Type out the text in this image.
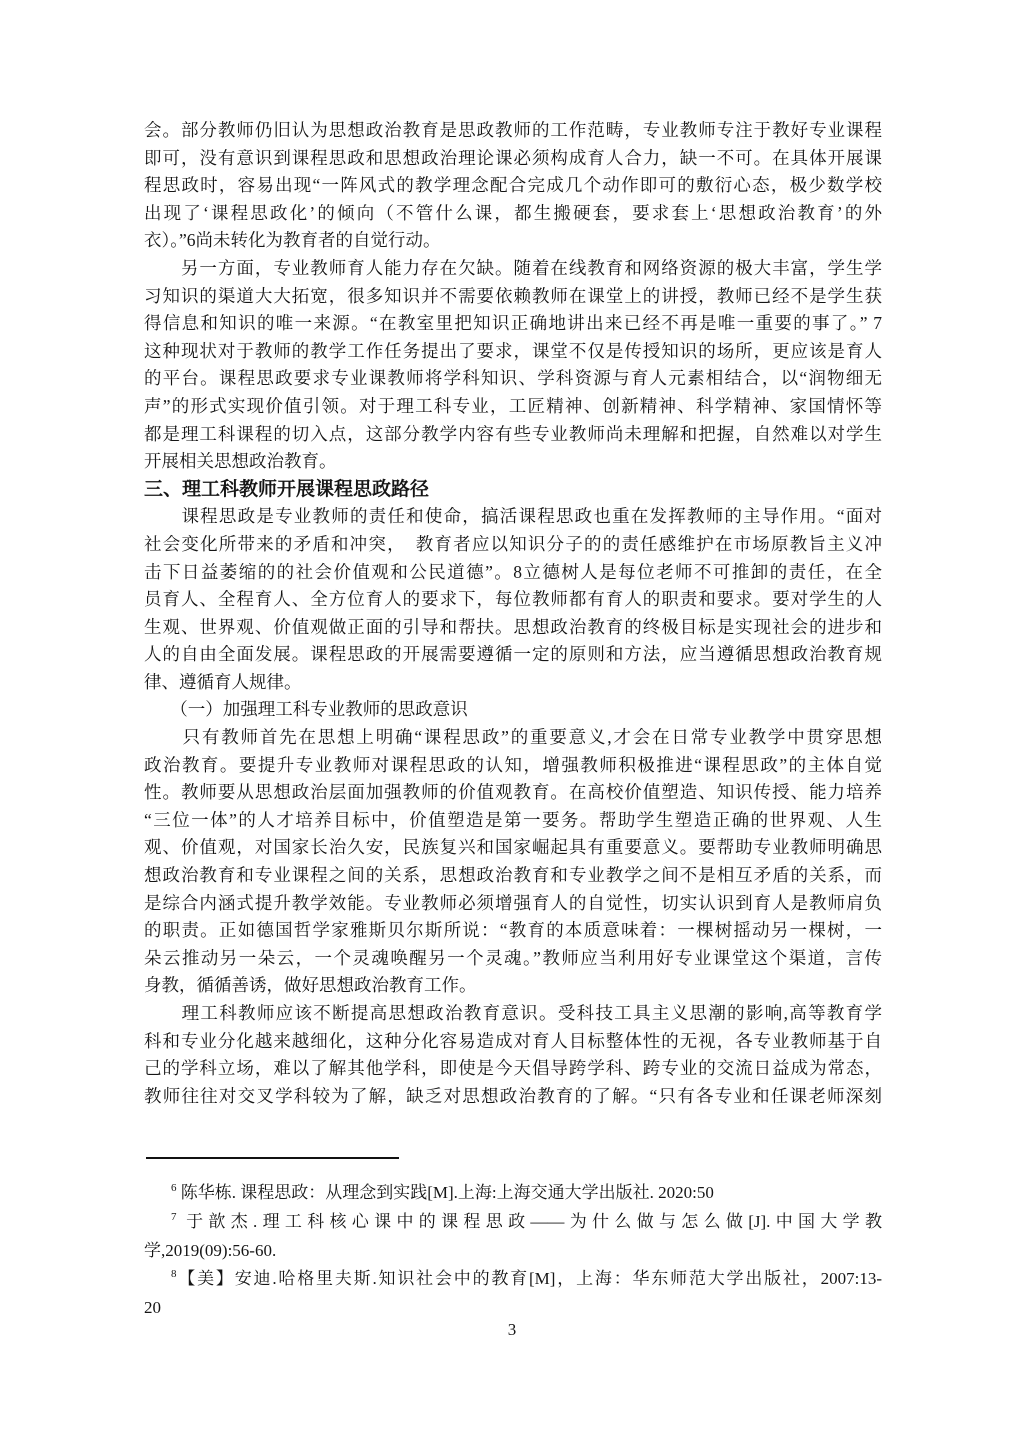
会。部分教师仍旧认为思想政治教育是思政教师的工作范畴，专业教师专注于教好专业课程
即可，没有意识到课程思政和思想政治理论课必须构成育人合力，缺一不可。在具体开展课
程思政时，容易出现“一阵风式的教学理念配合完成几个动作即可的敷衍心态，极少数学校
出现了‘课程思政化’的倾向（不管什么课，都生搬硬套，要求套上‘思想政治教育’的外
衣）。”6尚未转化为教育者的自觉行动。
　　另一方面，专业教师育人能力存在欠缺。随着在线教育和网络资源的极大丰富，学生学
习知识的渠道大大拓宽，很多知识并不需要依赖教师在课堂上的讲授，教师已经不是学生获
得信息和知识的唯一来源。“在教室里把知识正确地讲出来已经不再是唯一重要的事了。” 7
这种现状对于教师的教学工作任务提出了要求，课堂不仅是传授知识的场所，更应该是育人
的平台。课程思政要求专业课教师将学科知识、学科资源与育人元素相结合，以“润物细无
声”的形式实现价值引领。对于理工科专业，工匠精神、创新精神、科学精神、家国情怀等
都是理工科课程的切入点，这部分教学内容有些专业教师尚未理解和把握，自然难以对学生
开展相关思想政治教育。
三、理工科教师开展课程思政路径
　　课程思政是专业教师的责任和使命，搞活课程思政也重在发挥教师的主导作用。“面对
社会变化所带来的矛盾和冲突，　教育者应以知识分子的的责任感维护在市场原教旨主义冲
击下日益萎缩的的社会价值观和公民道德”。8立德树人是每位老师不可推卸的责任，在全
员育人、全程育人、全方位育人的要求下，每位教师都有育人的职责和要求。要对学生的人
生观、世界观、价值观做正面的引导和帮扶。思想政治教育的终极目标是实现社会的进步和
人的自由全面发展。课程思政的开展需要遵循一定的原则和方法，应当遵循思想政治教育规
律、遵循育人规律。
　　（一）加强理工科专业教师的思政意识
　　只有教师首先在思想上明确“课程思政”的重要意义,才会在日常专业教学中贯穿思想
政治教育。要提升专业教师对课程思政的认知，增强教师积极推进“课程思政”的主体自觉
性。教师要从思想政治层面加强教师的价值观教育。在高校价值塑造、知识传授、能力培养
“三位一体”的人才培养目标中，价值塑造是第一要务。帮助学生塑造正确的世界观、人生
观、价值观，对国家长治久安，民族复兴和国家崛起具有重要意义。要帮助专业教师明确思
想政治教育和专业课程之间的关系，思想政治教育和专业教学之间不是相互矛盾的关系，而
是综合内涵式提升教学效能。专业教师必须增强育人的自觉性，切实认识到育人是教师肩负
的职责。正如德国哲学家雅斯贝尔斯所说：“教育的本质意味着：一棵树摇动另一棵树，一
朵云推动另一朵云，一个灵魂唤醒另一个灵魂。”教师应当利用好专业课堂这个渠道，言传
身教，循循善诱，做好思想政治教育工作。
　　理工科教师应该不断提高思想政治教育意识。受科技工具主义思潮的影响,高等教育学
科和专业分化越来越细化，这种分化容易造成对育人目标整体性的无视，各专业教师基于自
己的学科立场，难以了解其他学科，即使是今天倡导跨学科、跨专业的交流日益成为常态，
教师往往对交叉学科较为了解，缺乏对思想政治教育的了解。“只有各专业和任课老师深刻
$^6$ 陈华栋. 课程思政：从理念到实践[M].上海:上海交通大学出版社. 2020:50
$^7$ 于歆杰.理工科核心课中的课程思政——为什么做与怎么做[J].中国大学教
学,2019(09):56-60.
$^8$【美】安迪.哈格里夫斯.知识社会中的教育[M]，上海：华东师范大学出版社，2007:13-
20
3
